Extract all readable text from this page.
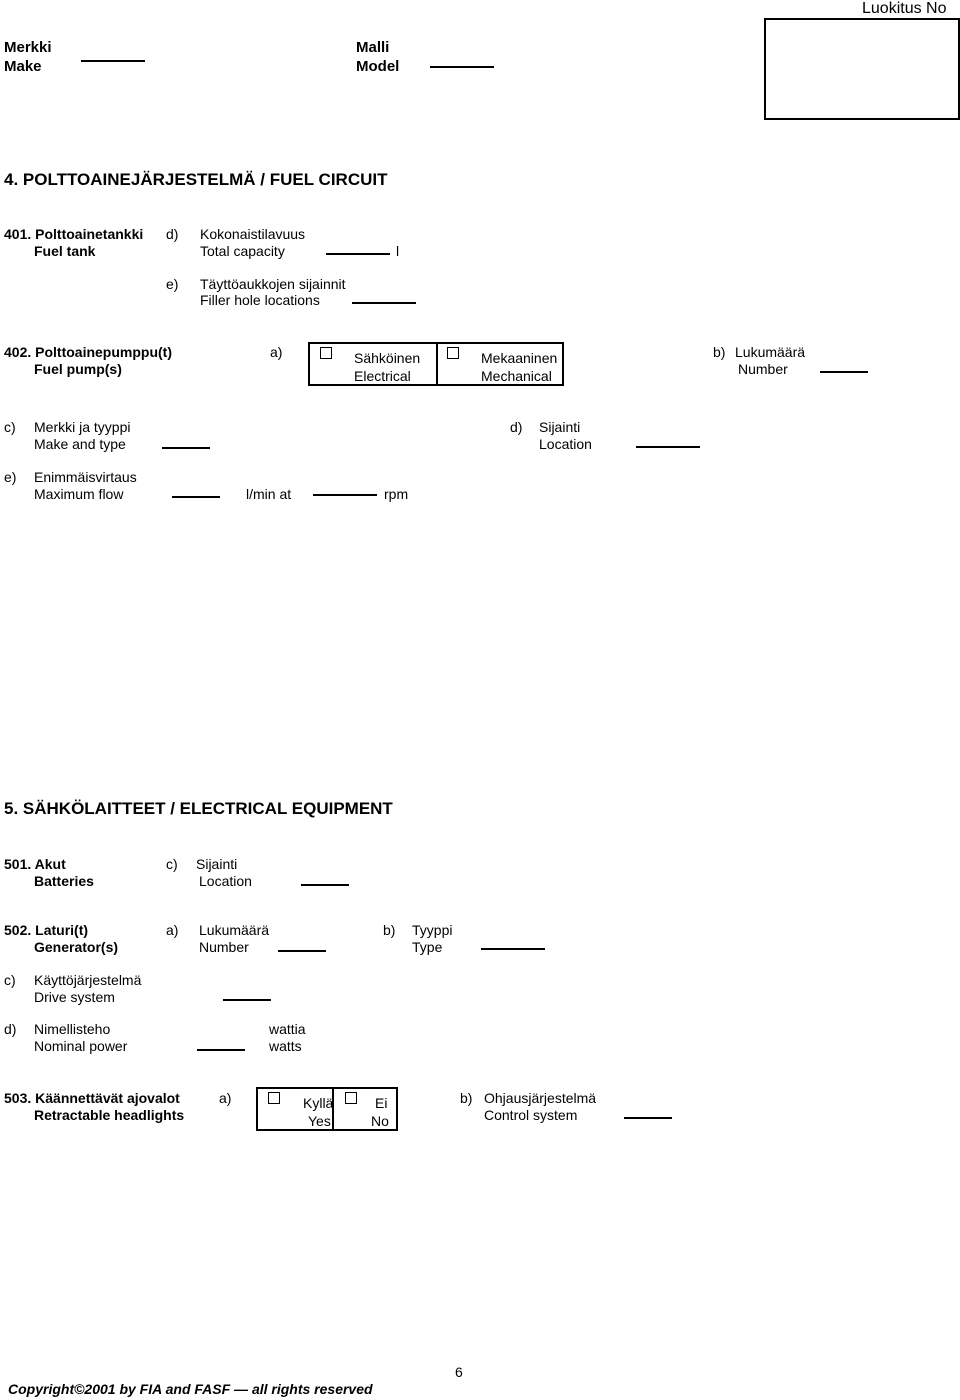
Luokitus No
Merkki
Make
Malli
Model
4. POLTTOAINEJÄRJESTELMÄ / FUEL CIRCUIT
401. Polttoainetankki
Fuel tank
d) Kokonaistilavuus
Total capacity	l
e) Täyttöaukkojen sijainnit
Filler hole locations
402. Polttoainepumppu(t)
Fuel pump(s)
a)	Sähköinen
Electrical
Mekaaninen
Mechanical
b) Lukumäärä
Number
c) Merkki ja tyyppi
Make and type
d) Sijainti
Location
e) Enimmäisvirtaus
Maximum flow	l/min at	rpm
5. SÄHKÖLAITTEET / ELECTRICAL EQUIPMENT
501. Akut
Batteries
c) Sijainti
Location
502. Laturi(t)
Generator(s)
a) Lukumäärä
Number
b) Tyyppi
Type
c) Käyttöjärjestelmä
Drive system
d) Nimellisteho
Nominal power
wattia
watts
503. Käännettävät ajovalot
Retractable headlights
a)	Kyllä
Yes
Ei
No
b) Ohjausjärjestelmä
Control system
6
Copyright©2001 by FIA and FASF — all rights reserved
